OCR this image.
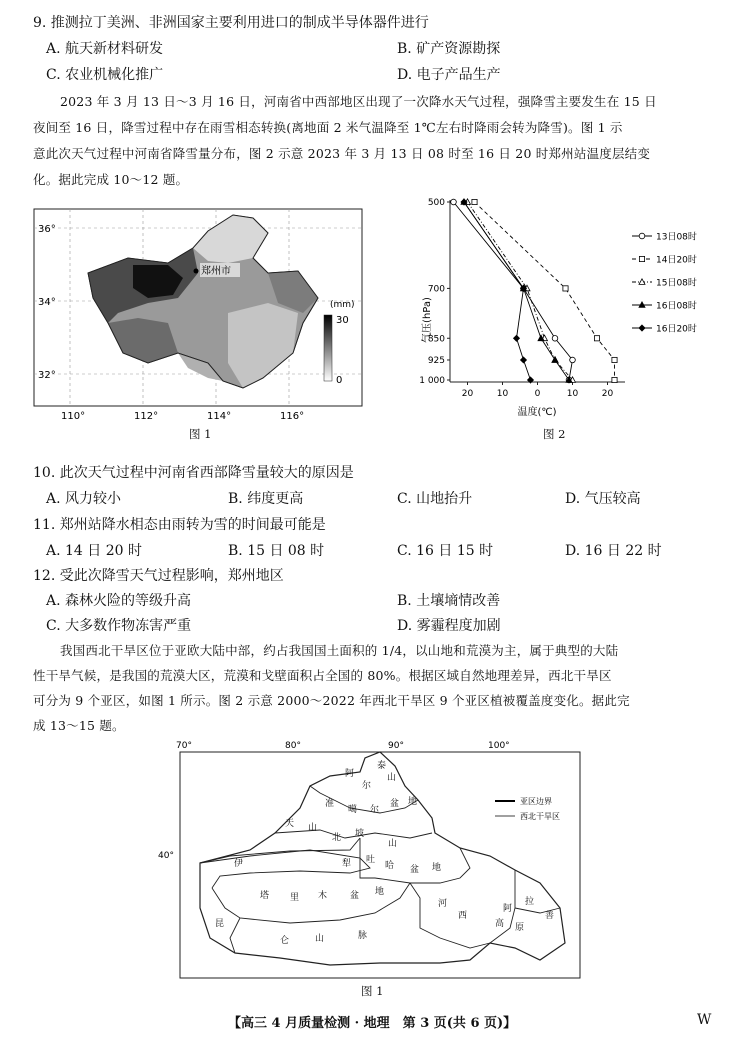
9. 推测拉丁美洲、非洲国家主要利用进口的制成半导体器件进行
A. 航天新材料研发	B. 矿产资源勘探
C. 农业机械化推广	D. 电子产品生产
2023 年 3 月 13 日～3 月 16 日，河南省中西部地区出现了一次降水天气过程，强降雪主要发生在 15 日
夜间至 16 日，降雪过程中存在雨雪相态转换(离地面 2 米气温降至 1℃左右时降雨会转为降雪)。图 1 示
意此次天气过程中河南省降雪量分布，图 2 示意 2023 年 3 月 13 日 08 时至 16 日 20 时郑州站温度层结变
化。据此完成 10～12 题。
郑州市
36°
34°
32°
110°	112°	114°	116°
(mm)
30
0
图 1
气压(hPa)
温度(℃)
500
700
850
925
1 000
20	10	0	10	20
13日08时
14日20时
15日08时
16日08时
16日20时
图 2
10. 此次天气过程中河南省西部降雪量较大的原因是
A. 风力较小	B. 纬度更高	C. 山地抬升	D. 气压较高
11. 郑州站降水相态由雨转为雪的时间最可能是
A. 14 日 20 时	B. 15 日 08 时	C. 16 日 15 时	D. 16 日 22 时
12. 受此次降雪天气过程影响，郑州地区
A. 森林火险的等级升高	B. 土壤墒情改善
C. 大多数作物冻害严重	D. 雾霾程度加剧
我国西北干旱区位于亚欧大陆中部，约占我国国土面积的 1/4，以山地和荒漠为主，属于典型的大陆
性干旱气候，是我国的荒漠大区，荒漠和戈壁面积占全国的 80%。根据区域自然地理差异，西北干旱区
可分为 9 个亚区，如图 1 所示。图 2 示意 2000～2022 年西北干旱区 9 个亚区植被覆盖度变化。据此完
成 13～15 题。
70°	80°	90°	100°
40°
亚区边界
西北干旱区
阿
尔
泰
山
准
噶 尔
盆 地
天 山
北 坡
山
伊	犁 吐
哈 盆 地
塔 里 木	盆 地
昆
仑	山	脉
河
西
阿
拉
善
高 原
图 1
【高三 4 月质量检测 · 地理　第 3 页(共 6 页)】	W
